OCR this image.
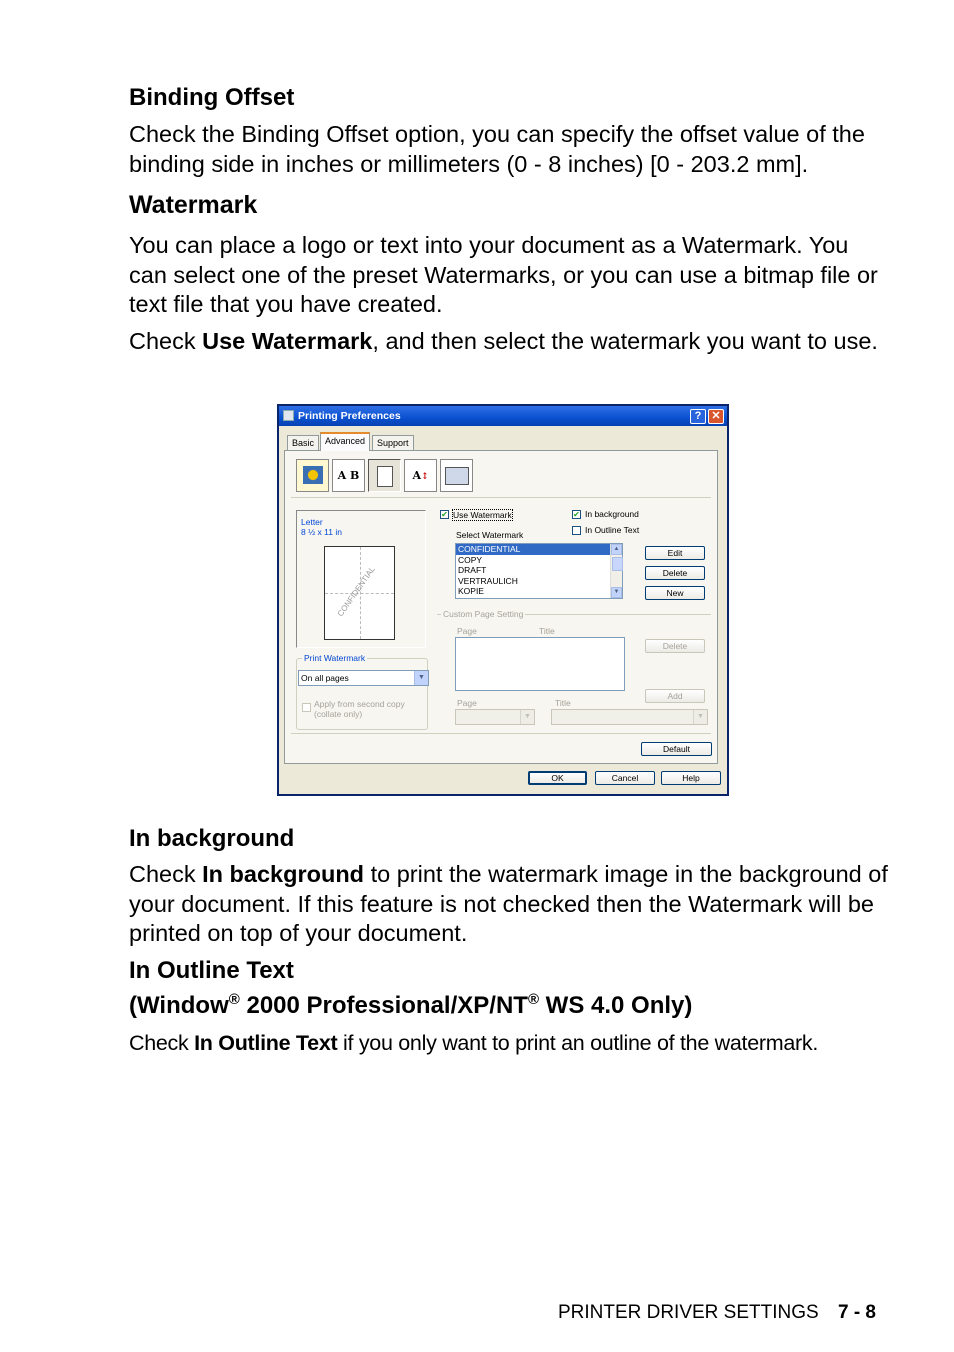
Binding Offset

Check the Binding Offset option, you can specify the offset value of the binding side in inches or millimeters (0 - 8 inches) [0 - 203.2 mm].

Watermark

You can place a logo or text into your document as a Watermark. You can select one of the preset Watermarks, or you can use a bitmap file or text file that you have created.

Check Use Watermark, and then select the watermark you want to use.

Printing Preferences	? ✕
Basic	Advanced	Support
A B	A↕
Letter
8 ½ x 11 in
CONFIDENTIAL
Print Watermark
On all pages	▼
Apply from second copy
(collate only)
✔ Use Watermark	✔ In background
In Outline Text
Select Watermark
CONFIDENTIAL
COPY
DRAFT
VERTRAULICH
KOPIE
▲
▼
Edit
Delete
New
Custom Page Setting
Page	Title
Delete
Add
Page	Title
▼	▼
Default
OK	Cancel	Help
In background

Check In background to print the watermark image in the background of your document. If this feature is not checked then the Watermark will be printed on top of your document.

In Outline Text
(Window® 2000 Professional/XP/NT® WS 4.0 Only)

Check In Outline Text if you only want to print an outline of the watermark.

PRINTER DRIVER SETTINGS 7 - 8
